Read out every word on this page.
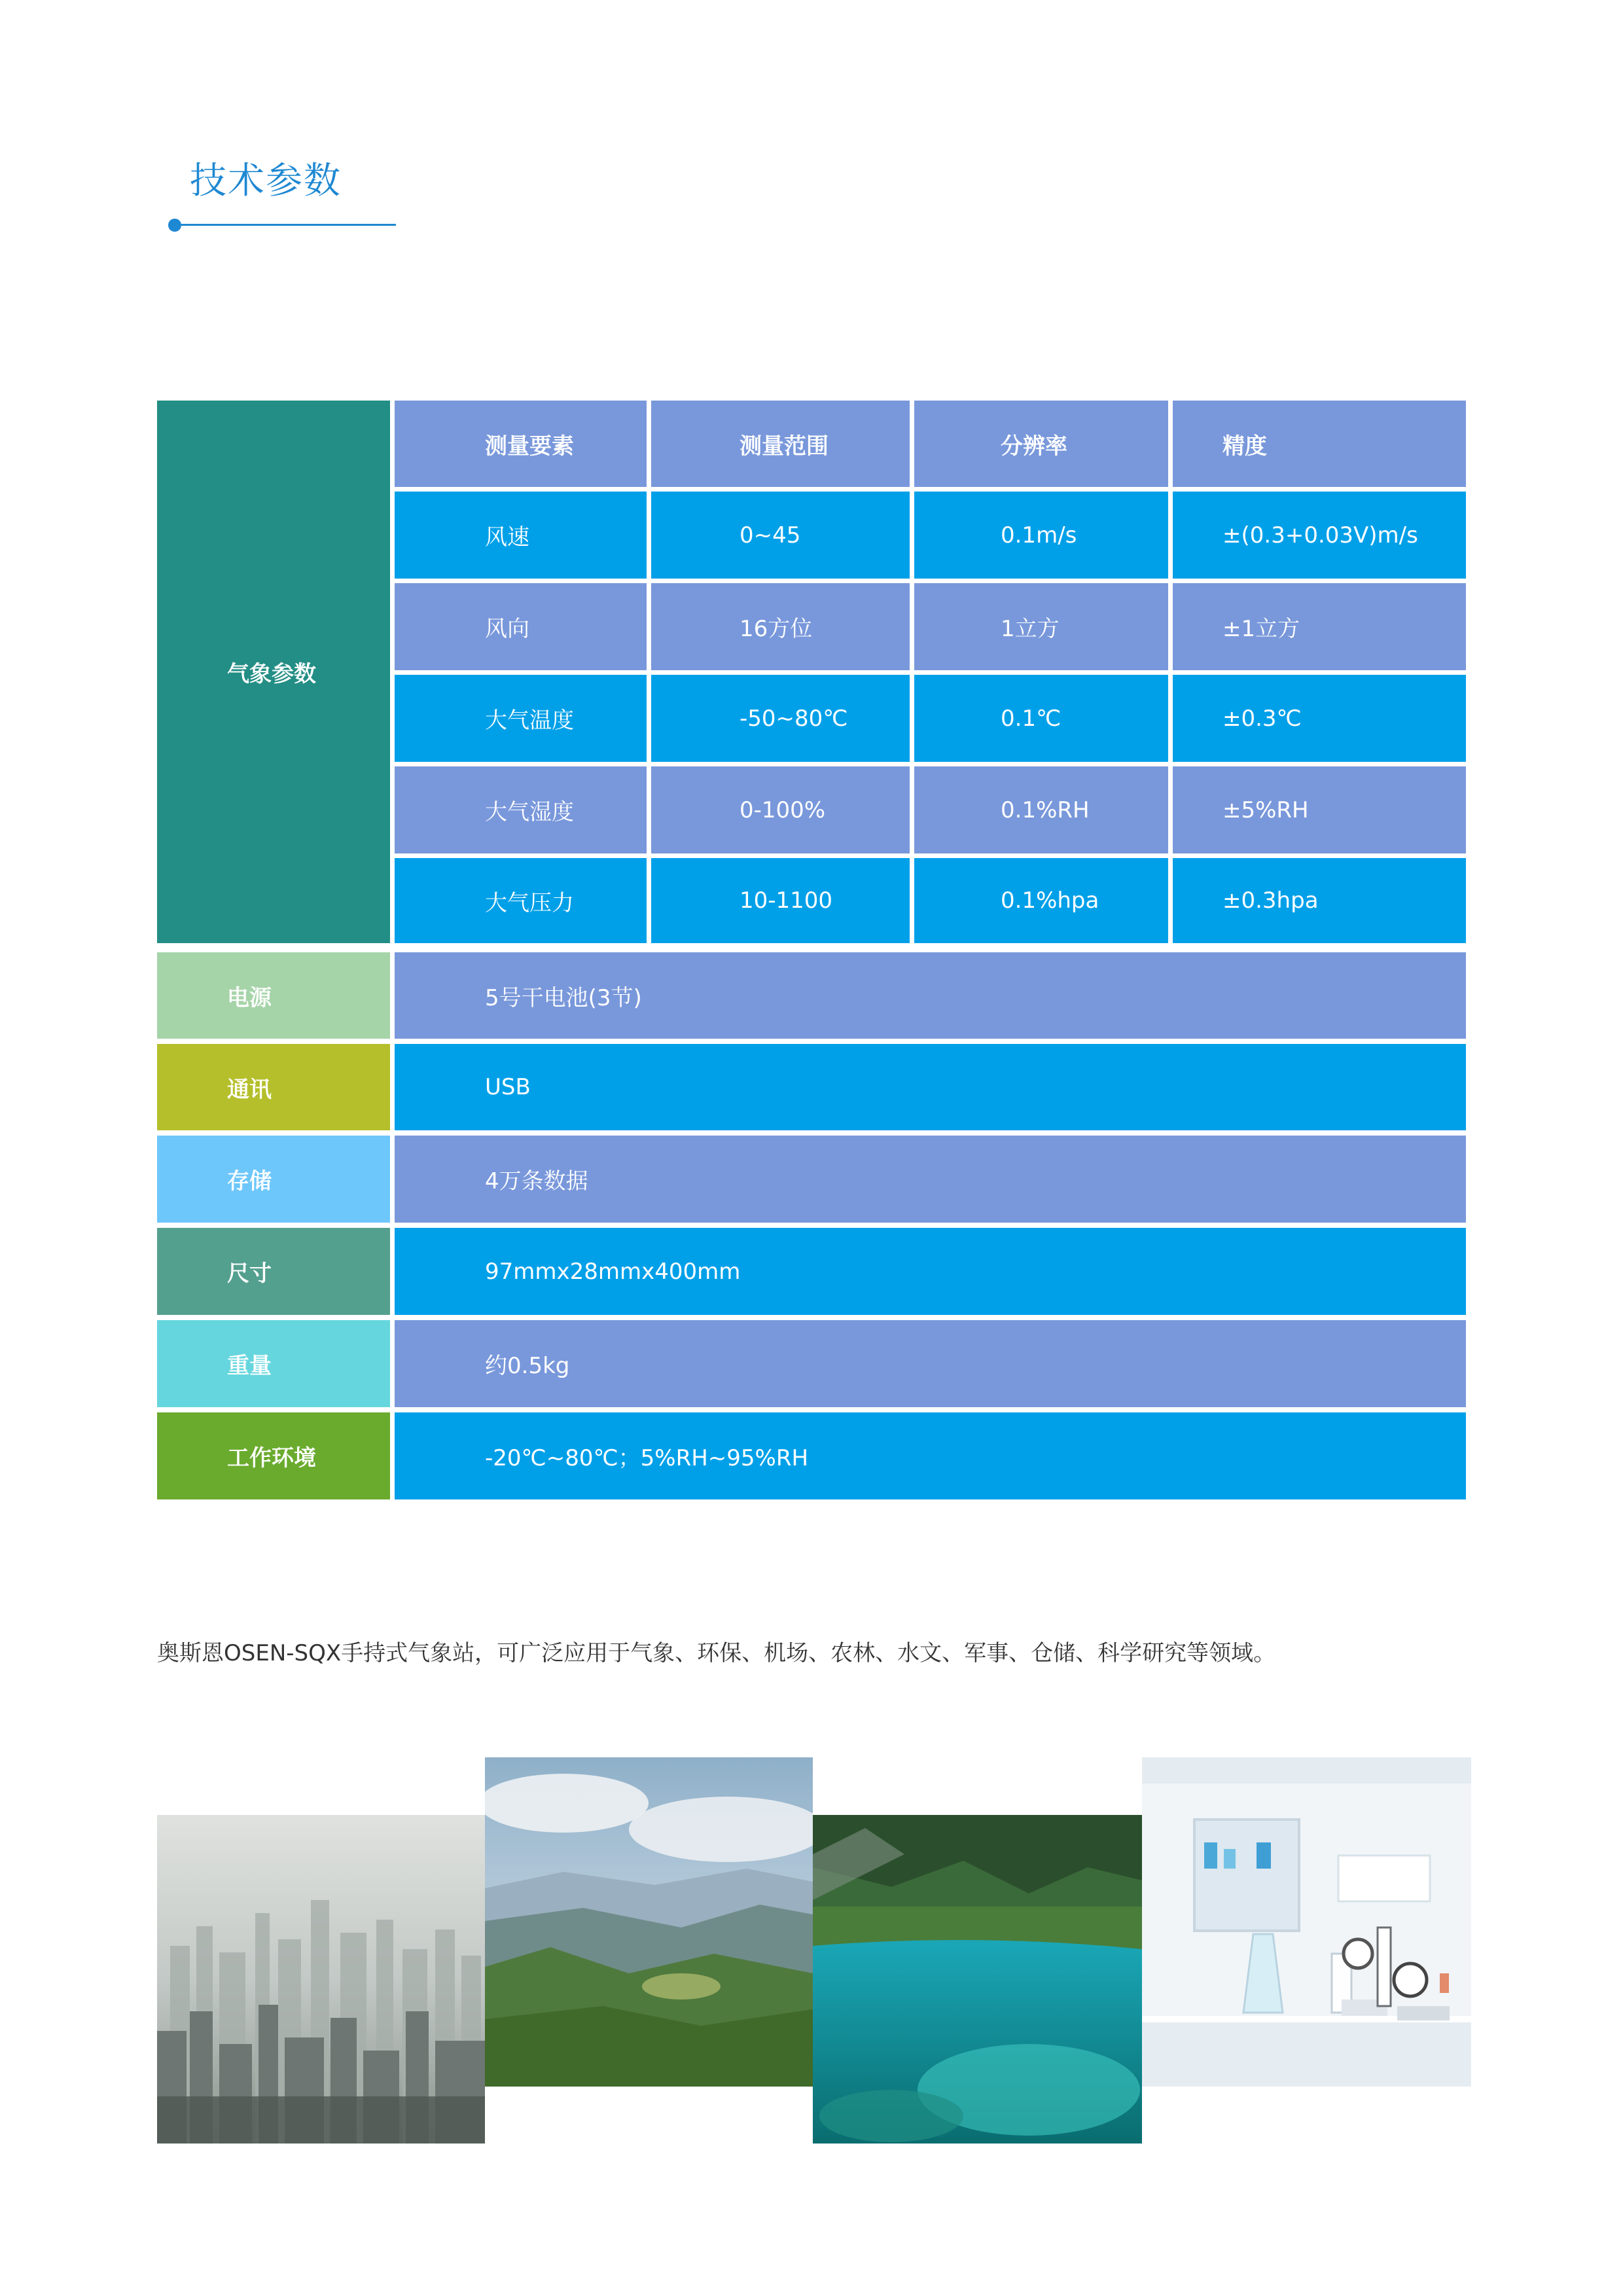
技术参数
气象参数
测量要素	测量范围	分辨率	精度
风速	0~45	0.1m/s	±(0.3+0.03V)m/s
风向	16方位	1立方	±1立方
大气温度	-50~80℃	0.1℃	±0.3℃
大气湿度	0-100%	0.1%RH	±5%RH
大气压力	10-1100	0.1%hpa	±0.3hpa
电源	5号干电池(3节)
通讯	USB
存储	4万条数据
尺寸	97mmx28mmx400mm
重量	约0.5kg
工作环境	-20℃~80℃；5%RH~95%RH
奥斯恩OSEN-SQX手持式气象站，可广泛应用于气象、环保、机场、农林、水文、军事、仓储、科学研究等领域。
